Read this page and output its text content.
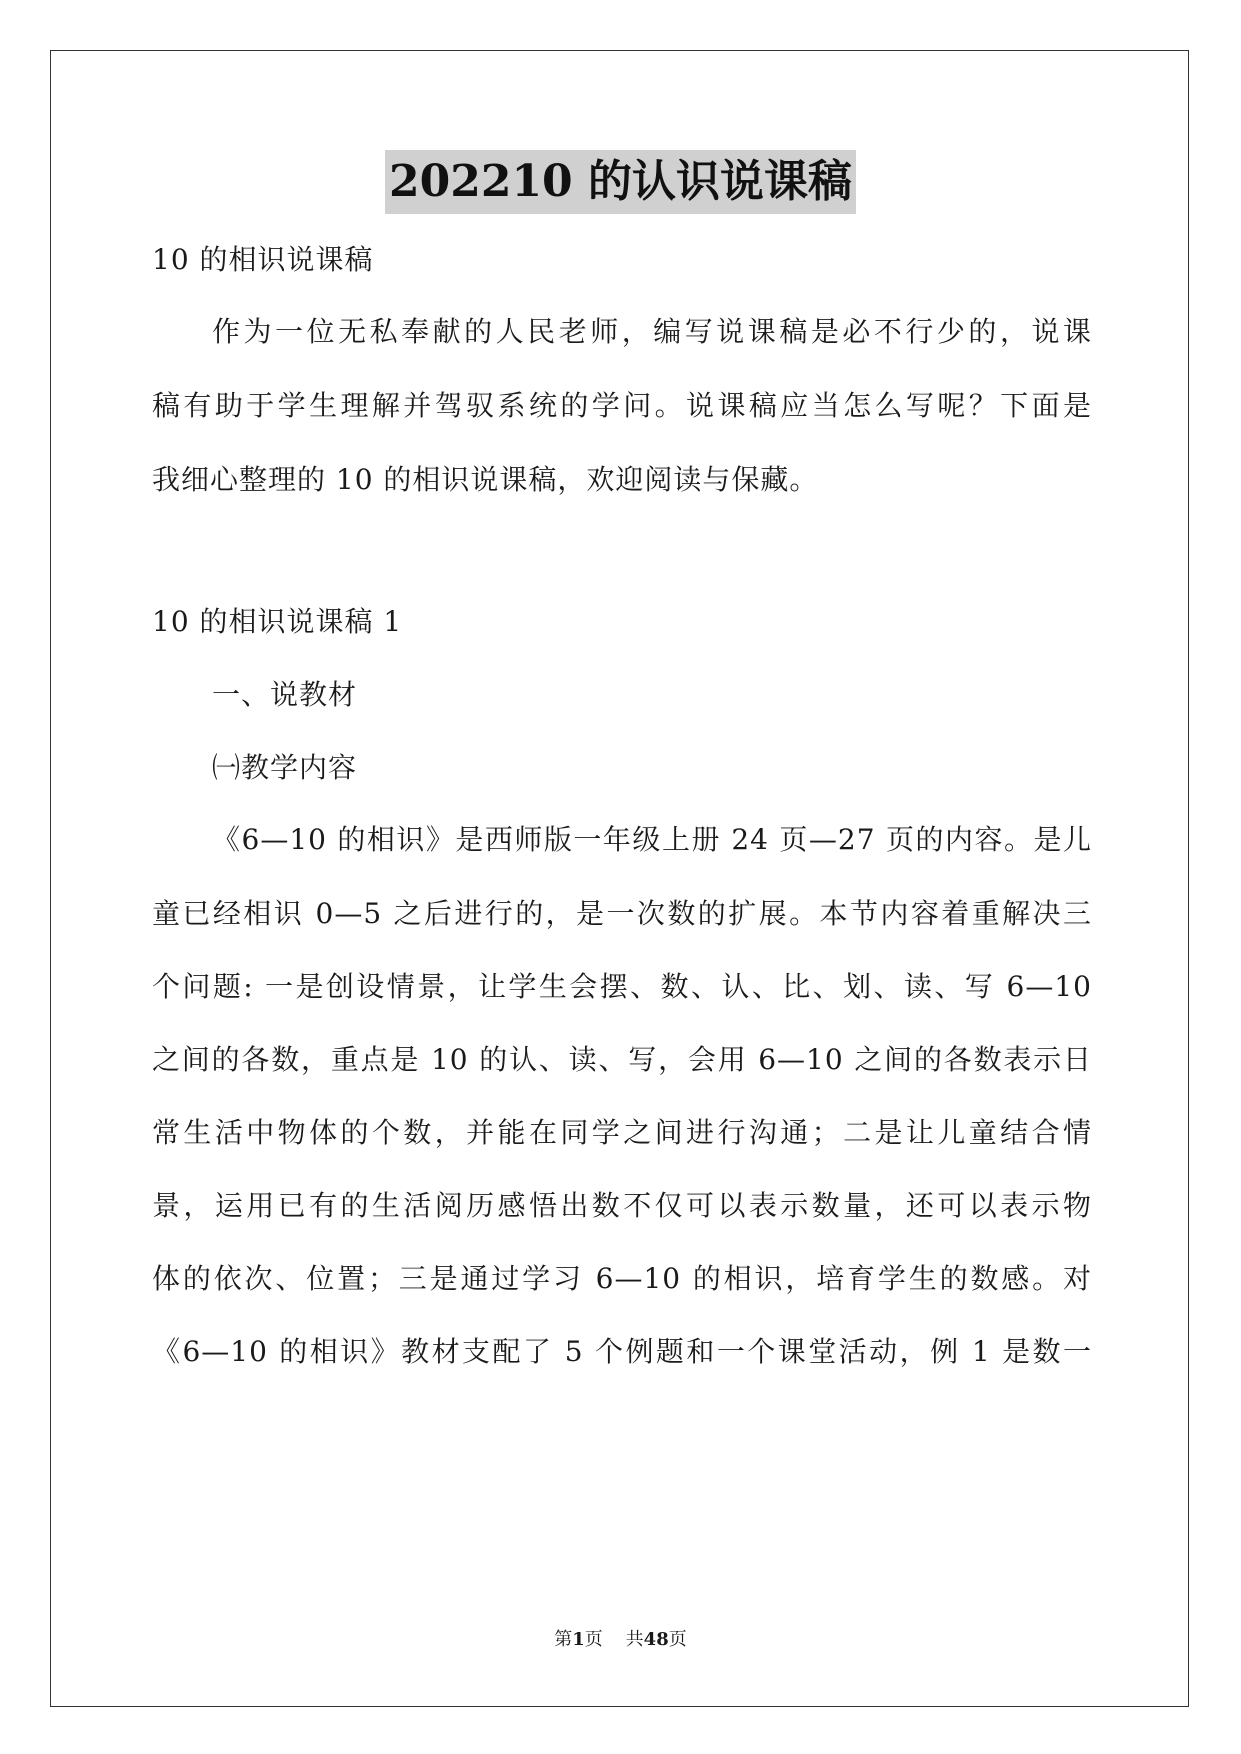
202210 的认识说课稿
10 的相识说课稿
作为一位无私奉献的人民老师，编写说课稿是必不行少的，说课
稿有助于学生理解并驾驭系统的学问。说课稿应当怎么写呢？下面是
我细心整理的 10 的相识说课稿，欢迎阅读与保藏。
10 的相识说课稿 1
一、说教材
㈠教学内容
《6—10 的相识》是西师版一年级上册 24 页—27 页的内容。是儿
童已经相识 0—5 之后进行的，是一次数的扩展。本节内容着重解决三
个问题: 一是创设情景，让学生会摆、数、认、比、划、读、写 6—10
之间的各数，重点是 10 的认、读、写，会用 6—10 之间的各数表示日
常生活中物体的个数，并能在同学之间进行沟通；二是让儿童结合情
景，运用已有的生活阅历感悟出数不仅可以表示数量，还可以表示物
体的依次、位置；三是通过学习 6—10 的相识，培育学生的数感。对
《6—10 的相识》教材支配了 5 个例题和一个课堂活动，例 1 是数一
第1页 共48页
